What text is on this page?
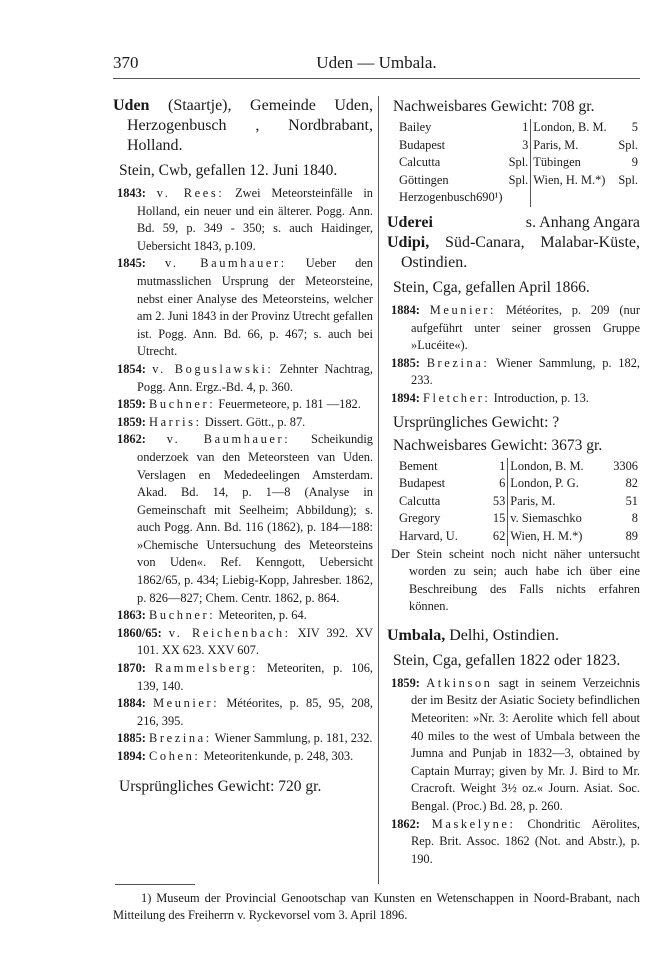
370	Uden — Umbala.
Uden (Staartje), Gemeinde Uden, Herzogenbusch , Nordbrabant, Holland.
Stein, Cwb, gefallen 12. Juni 1840.
1843: v. Rees: Zwei Meteorsteinfälle in Holland, ein neuer und ein älterer. Pogg. Ann. Bd. 59, p. 349 - 350; s. auch Haidinger, Uebersicht 1843, p.109.
1845: v. Baumhauer: Ueber den mutmasslichen Ursprung der Meteorsteine, nebst einer Analyse des Meteorsteins, welcher am 2. Juni 1843 in der Provinz Utrecht gefallen ist. Pogg. Ann. Bd. 66, p. 467; s. auch bei Utrecht.
1854: v. Boguslawski: Zehnter Nachtrag, Pogg. Ann. Ergz.-Bd. 4, p. 360.
1859: Buchner: Feuermeteore, p. 181 —182.
1859: Harris: Dissert. Gött., p. 87.
1862: v. Baumhauer: Scheikundig onderzoek van den Meteorsteen van Uden. Verslagen en Mededeelingen Amsterdam. Akad. Bd. 14, p. 1—8 (Analyse in Gemeinschaft mit Seelheim; Abbildung); s. auch Pogg. Ann. Bd. 116 (1862), p. 184—188: »Chemische Untersuchung des Meteorsteins von Uden«. Ref. Kenngott, Uebersicht 1862/65, p. 434; Liebig-Kopp, Jahresber. 1862, p. 826—827; Chem. Centr. 1862, p. 864.
1863: Buchner: Meteoriten, p. 64.
1860/65: v. Reichenbach: XIV 392. XV 101. XX 623. XXV 607.
1870: Rammelsberg: Meteoriten, p. 106, 139, 140.
1884: Meunier: Météorites, p. 85, 95, 208, 216, 395.
1885: Brezina: Wiener Sammlung, p. 181, 232.
1894: Cohen: Meteoritenkunde, p. 248, 303.
Ursprüngliches Gewicht: 720 gr.
Nachweisbares Gewicht: 708 gr.
Bailey	1	London, B. M.	5
Budapest	3	Paris, M.	Spl.
Calcutta	Spl.	Tübingen	9
Göttingen	Spl.	Wien, H. M.*)	Spl.
Herzogenbusch690¹)			
Uderei	s. Anhang Angara
Udipi, Süd-Canara, Malabar-Küste, Ostindien.
Stein, Cga, gefallen April 1866.
1884: Meunier: Météorites, p. 209 (nur aufgeführt unter seiner grossen Gruppe »Lucéite«).
1885: Brezina: Wiener Sammlung, p. 182, 233.
1894: Fletcher: Introduction, p. 13.
Ursprüngliches Gewicht: ?
Nachweisbares Gewicht: 3673 gr.
Bement	1	London, B. M.	3306
Budapest	6	London, P. G.	82
Calcutta	53	Paris, M.	51
Gregory	15	v. Siemaschko	8
Harvard, U.	62	Wien, H. M.*)	89
Der Stein scheint noch nicht näher untersucht worden zu sein; auch habe ich über eine Beschreibung des Falls nichts erfahren können.
Umbala, Delhi, Ostindien.
Stein, Cga, gefallen 1822 oder 1823.
1859: Atkinson sagt in seinem Verzeichnis der im Besitz der Asiatic Society befindlichen Meteoriten: »Nr. 3: Aerolite which fell about 40 miles to the west of Umbala between the Jumna and Punjab in 1832—3, obtained by Captain Murray; given by Mr. J. Bird to Mr. Cracroft. Weight 3½ oz.« Journ. Asiat. Soc. Bengal. (Proc.) Bd. 28, p. 260.
1862: Maskelyne: Chondritic Aërolites, Rep. Brit. Assoc. 1862 (Not. and Abstr.), p. 190.
1) Museum der Provincial Genootschap van Kunsten en Wetenschappen in Noord-Brabant, nach Mitteilung des Freiherrn v. Ryckevorsel vom 3. April 1896.
